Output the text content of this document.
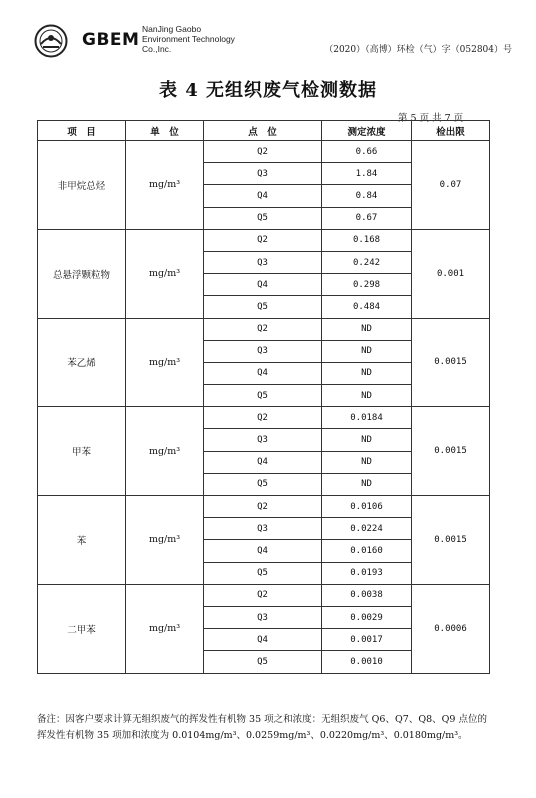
GBEM
NanJing Gaobo
Environment Technology
Co.,Inc.	（2020）（高博）环检（气）字（052804）号
表 4 无组织废气检测数据
第 5 页 共 7 页
项　目	单　位	点　位	测定浓度	检出限
非甲烷总烃	mg/m³	Q2	0.66	0.07
		Q3	1.84	
		Q4	0.84	
		Q5	0.67	
总悬浮颗粒物	mg/m³	Q2	0.168	0.001
		Q3	0.242	
		Q4	0.298	
		Q5	0.484	
苯乙烯	mg/m³	Q2	ND	0.0015
		Q3	ND	
		Q4	ND	
		Q5	ND	
甲苯	mg/m³	Q2	0.0184	0.0015
		Q3	ND	
		Q4	ND	
		Q5	ND	
苯	mg/m³	Q2	0.0106	0.0015
		Q3	0.0224	
		Q4	0.0160	
		Q5	0.0193	
二甲苯	mg/m³	Q2	0.0038	0.0006
		Q3	0.0029	
		Q4	0.0017	
		Q5	0.0010	
备注：因客户要求计算无组织废气的挥发性有机物 35 项之和浓度：无组织废气 Q6、Q7、Q8、Q9 点位的挥发性有机物 35 项加和浓度为 0.0104mg/m³、0.0259mg/m³、0.0220mg/m³、0.0180mg/m³。
